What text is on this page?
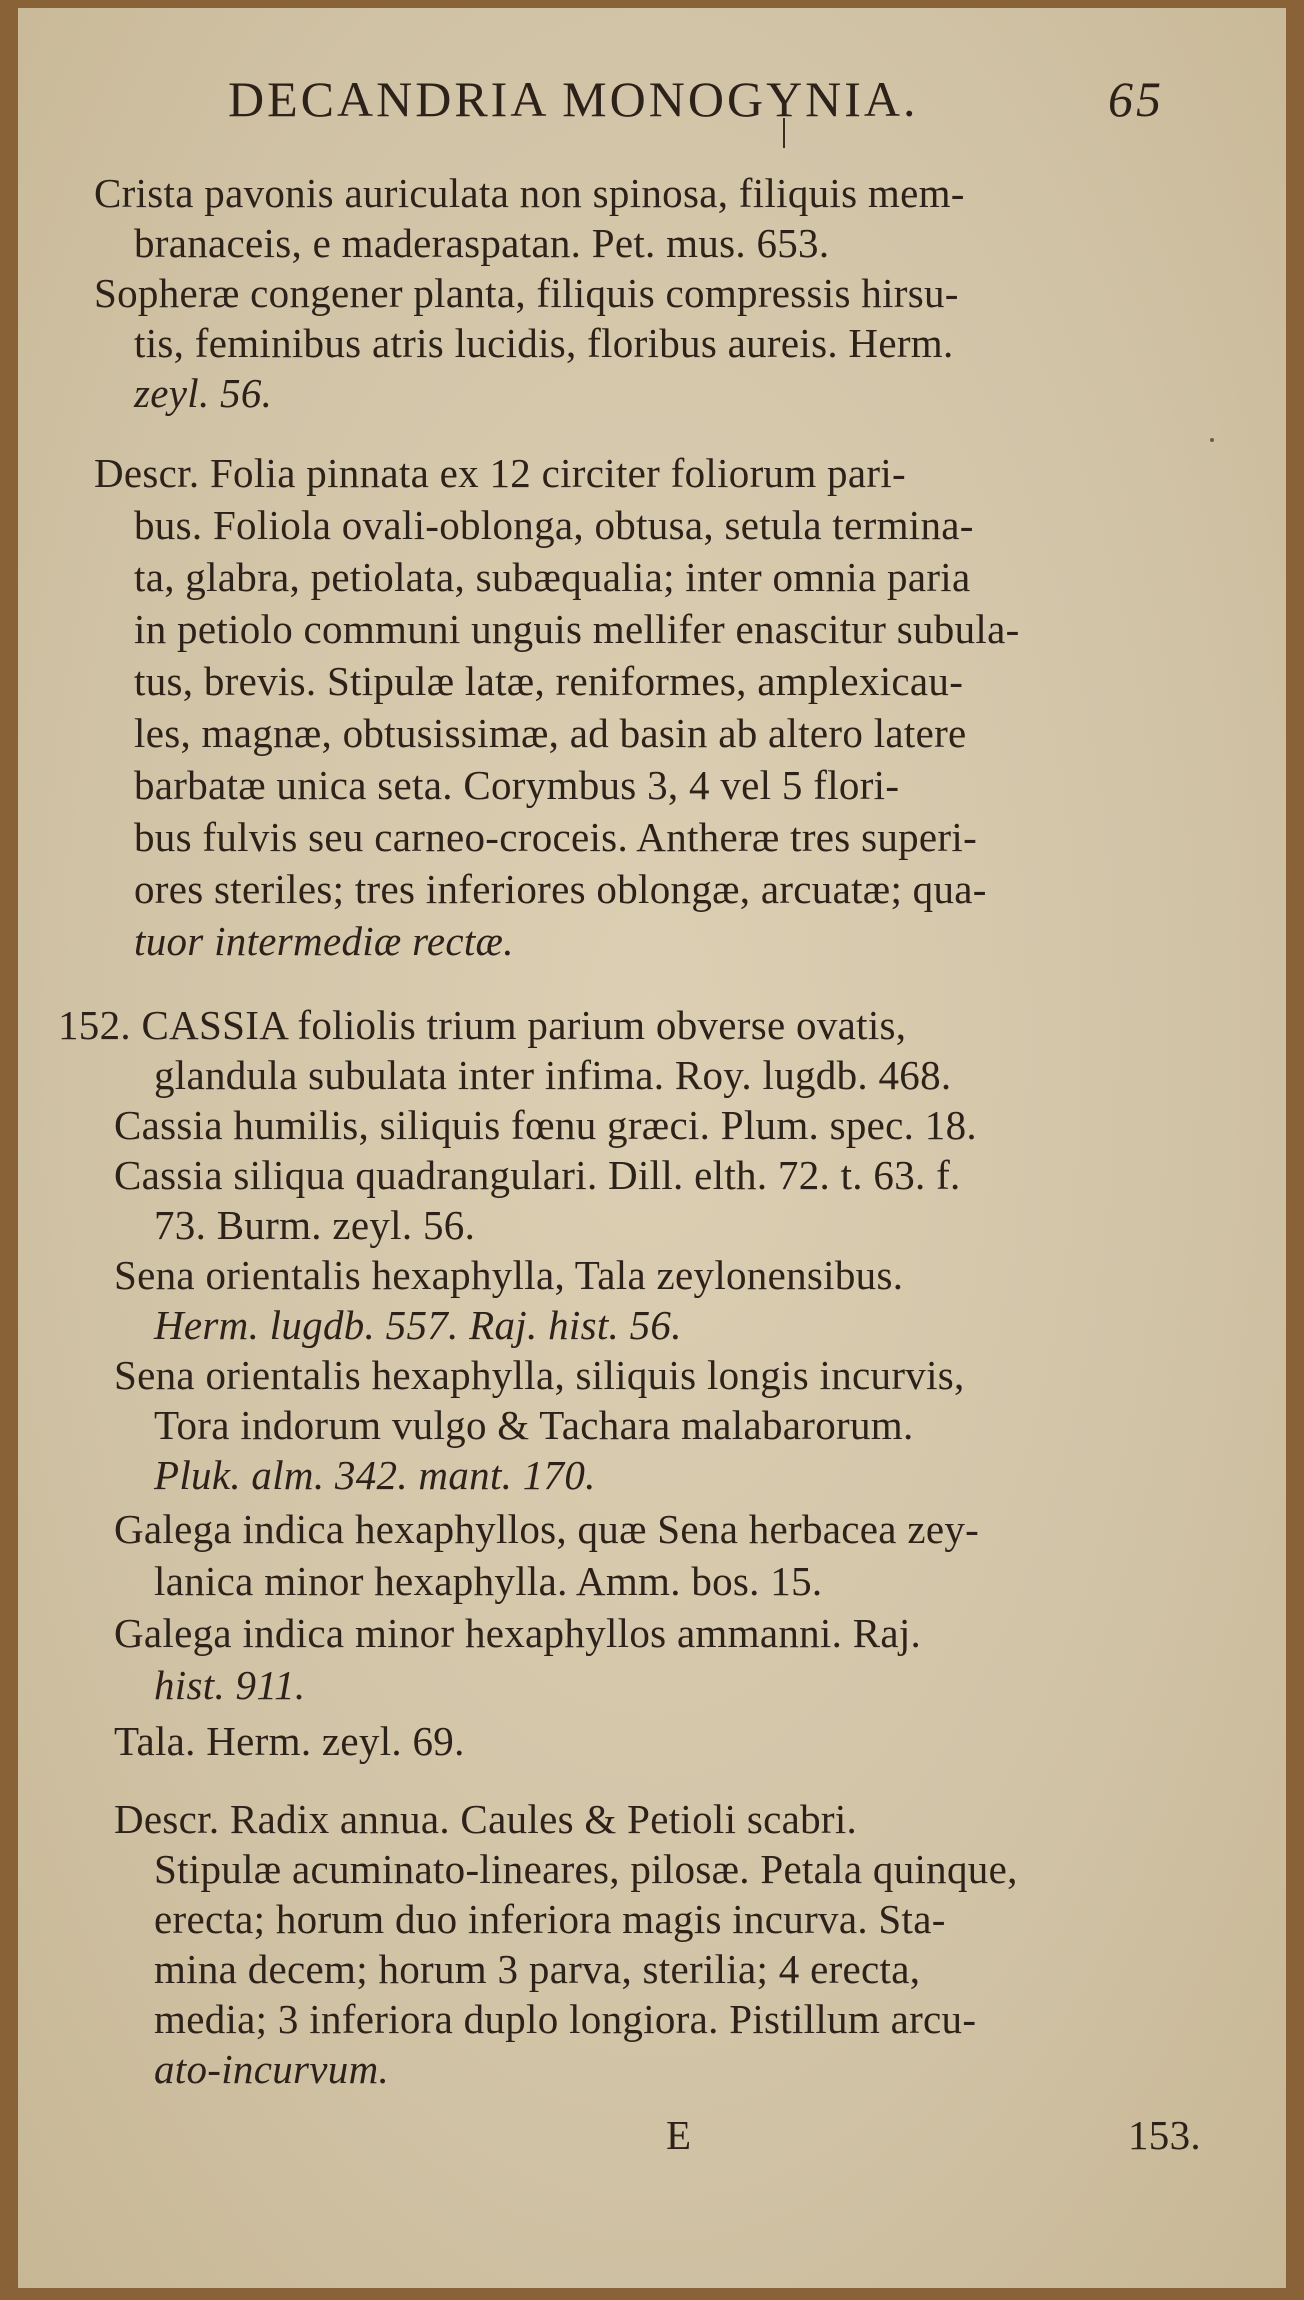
DECANDRIA MONOGYNIA.	65
Crista pavonis auriculata non spinosa, filiquis mem-
branaceis, e maderaspatan. Pet. mus. 653.
Sopheræ congener planta, filiquis compressis hirsu-
tis, feminibus atris lucidis, floribus aureis. Herm.
zeyl. 56.
Descr. Folia pinnata ex 12 circiter foliorum pari-
bus. Foliola ovali-oblonga, obtusa, setula termina-
ta, glabra, petiolata, subæqualia; inter omnia paria
in petiolo communi unguis mellifer enascitur subula-
tus, brevis. Stipulæ latæ, reniformes, amplexicau-
les, magnæ, obtusissimæ, ad basin ab altero latere
barbatæ unica seta. Corymbus 3, 4 vel 5 flori-
bus fulvis seu carneo-croceis. Antheræ tres superi-
ores steriles; tres inferiores oblongæ, arcuatæ; qua-
tuor intermediæ rectæ.
152. CASSIA foliolis trium parium obverse ovatis,
glandula subulata inter infima. Roy. lugdb. 468.
Cassia humilis, siliquis fœnu græci. Plum. spec. 18.
Cassia siliqua quadrangulari. Dill. elth. 72. t. 63. f.
73. Burm. zeyl. 56.
Sena orientalis hexaphylla, Tala zeylonensibus.
Herm. lugdb. 557. Raj. hist. 56.
Sena orientalis hexaphylla, siliquis longis incurvis,
Tora indorum vulgo & Tachara malabarorum.
Pluk. alm. 342. mant. 170.
Galega indica hexaphyllos, quæ Sena herbacea zey-
lanica minor hexaphylla. Amm. bos. 15.
Galega indica minor hexaphyllos ammanni. Raj.
hist. 911.
Tala. Herm. zeyl. 69.
Descr. Radix annua. Caules & Petioli scabri.
Stipulæ acuminato-lineares, pilosæ. Petala quinque,
erecta; horum duo inferiora magis incurva. Sta-
mina decem; horum 3 parva, sterilia; 4 erecta,
media; 3 inferiora duplo longiora. Pistillum arcu-
ato-incurvum.
E	153.
